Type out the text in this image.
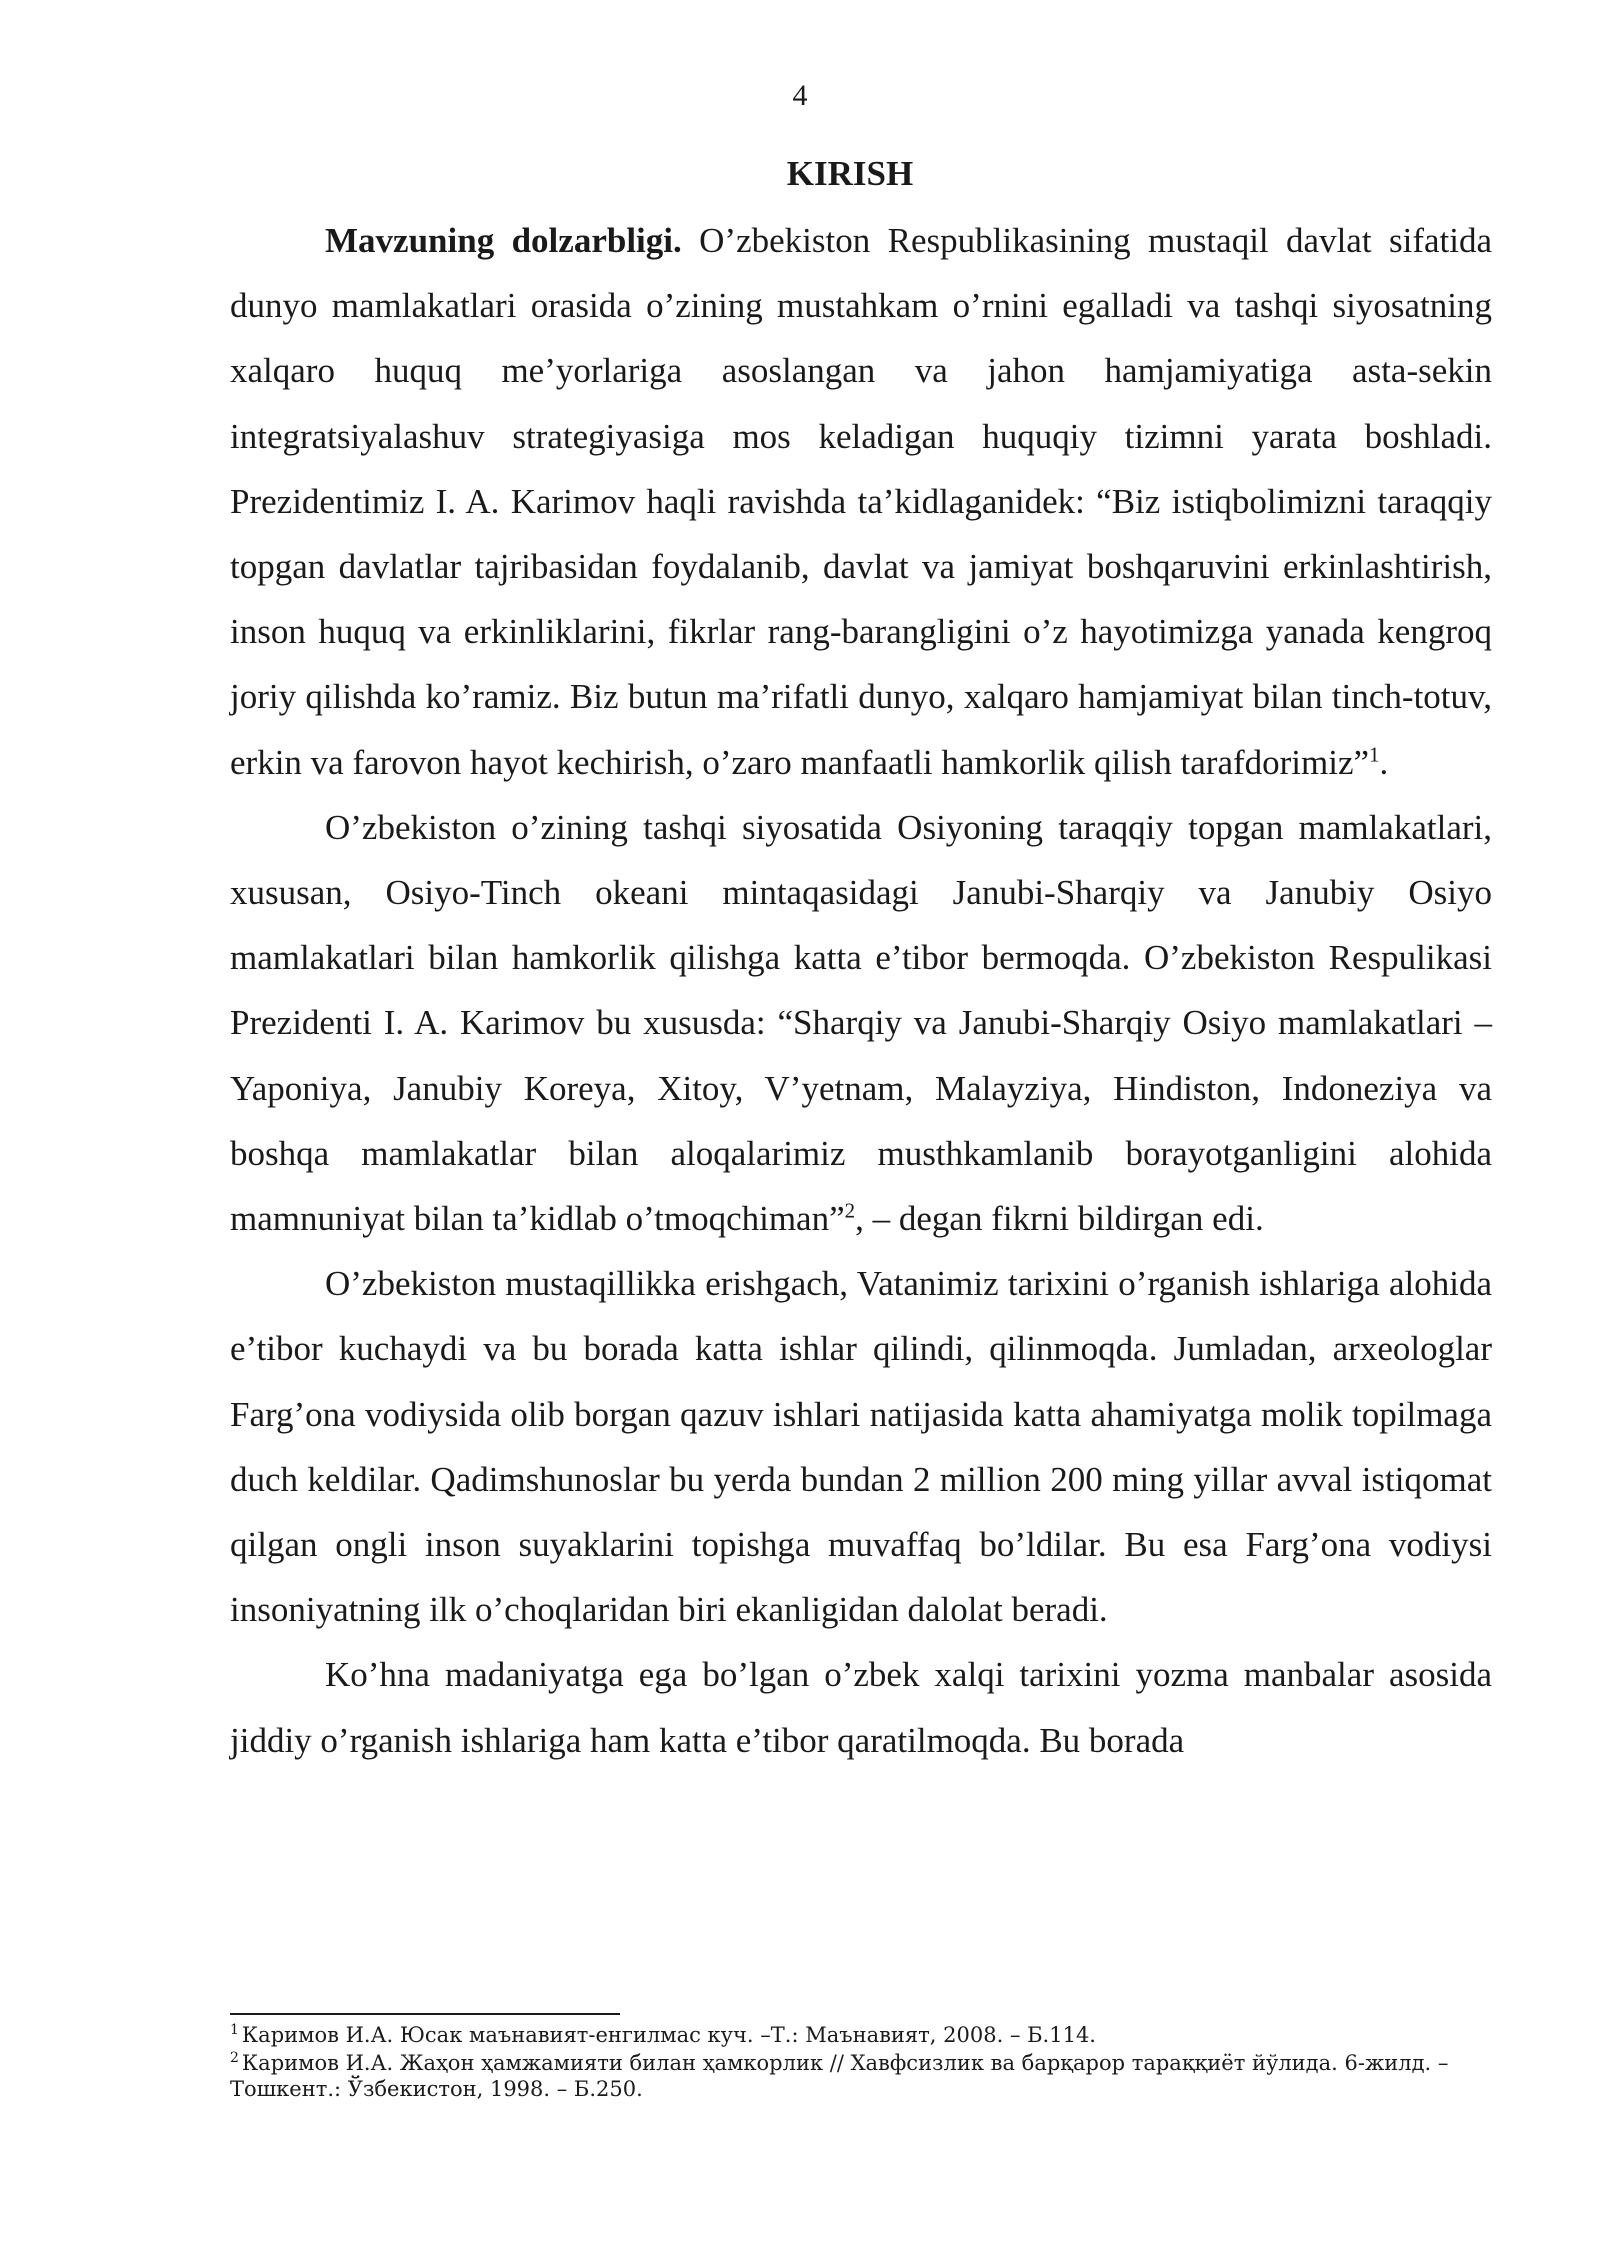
4
KIRISH

Mavzuning dolzarbligi. O’zbekiston Respublikasining mustaqil davlat sifatida dunyo mamlakatlari orasida o’zining mustahkam o’rnini egalladi va tashqi siyosatning xalqaro huquq me’yorlariga asoslangan va jahon hamjamiyatiga asta-sekin integratsiyalashuv strategiyasiga mos keladigan huquqiy tizimni yarata boshladi. Prezidentimiz I. A. Karimov haqli ravishda ta’kidlaganidek: “Biz istiqbolimizni taraqqiy topgan davlatlar tajribasidan foydalanib, davlat va jamiyat boshqaruvini erkinlashtirish, inson huquq va erkinliklarini, fikrlar rang-barangligini o’z hayotimizga yanada kengroq joriy qilishda ko’ramiz. Biz butun ma’rifatli dunyo, xalqaro hamjamiyat bilan tinch-totuv, erkin va farovon hayot kechirish, o’zaro manfaatli hamkorlik qilish tarafdorimiz”$^1$.

O’zbekiston o’zining tashqi siyosatida Osiyoning taraqqiy topgan mamlakatlari, xususan, Osiyo-Tinch okeani mintaqasidagi Janubi-Sharqiy va Janubiy Osiyo mamlakatlari bilan hamkorlik qilishga katta e’tibor bermoqda. O’zbekiston Respulikasi Prezidenti I. A. Karimov bu xususda: “Sharqiy va Janubi-Sharqiy Osiyo mamlakatlari – Yaponiya, Janubiy Koreya, Xitoy, V’yetnam, Malayziya, Hindiston, Indoneziya va boshqa mamlakatlar bilan aloqalarimiz musthkamlanib borayotganligini alohida mamnuniyat bilan ta’kidlab o’tmoqchiman”$^2$, – degan fikrni bildirgan edi.

O’zbekiston mustaqillikka erishgach, Vatanimiz tarixini o’rganish ishlariga alohida e’tibor kuchaydi va bu borada katta ishlar qilindi, qilinmoqda. Jumladan, arxeologlar Farg’ona vodiysida olib borgan qazuv ishlari natijasida katta ahamiyatga molik topilmaga duch keldilar. Qadimshunoslar bu yerda bundan 2 million 200 ming yillar avval istiqomat qilgan ongli inson suyaklarini topishga muvaffaq bo’ldilar. Bu esa Farg’ona vodiysi insoniyatning ilk o’choqlaridan biri ekanligidan dalolat beradi.

Ko’hna madaniyatga ega bo’lgan o’zbek xalqi tarixini yozma manbalar asosida jiddiy o’rganish ishlariga ham katta e’tibor qaratilmoqda. Bu borada

$^1$ Каримов И.А. Юсак маънавият-енгилмас куч. –Т.: Маънавият, 2008. – Б.114.

$^2$ Каримов И.А. Жаҳон ҳамжамияти билан ҳамкорлик // Хавфсизлик ва барқарор тараққиёт йўлида. 6-жилд. – Тошкент.: Ўзбекистон, 1998. – Б.250.
